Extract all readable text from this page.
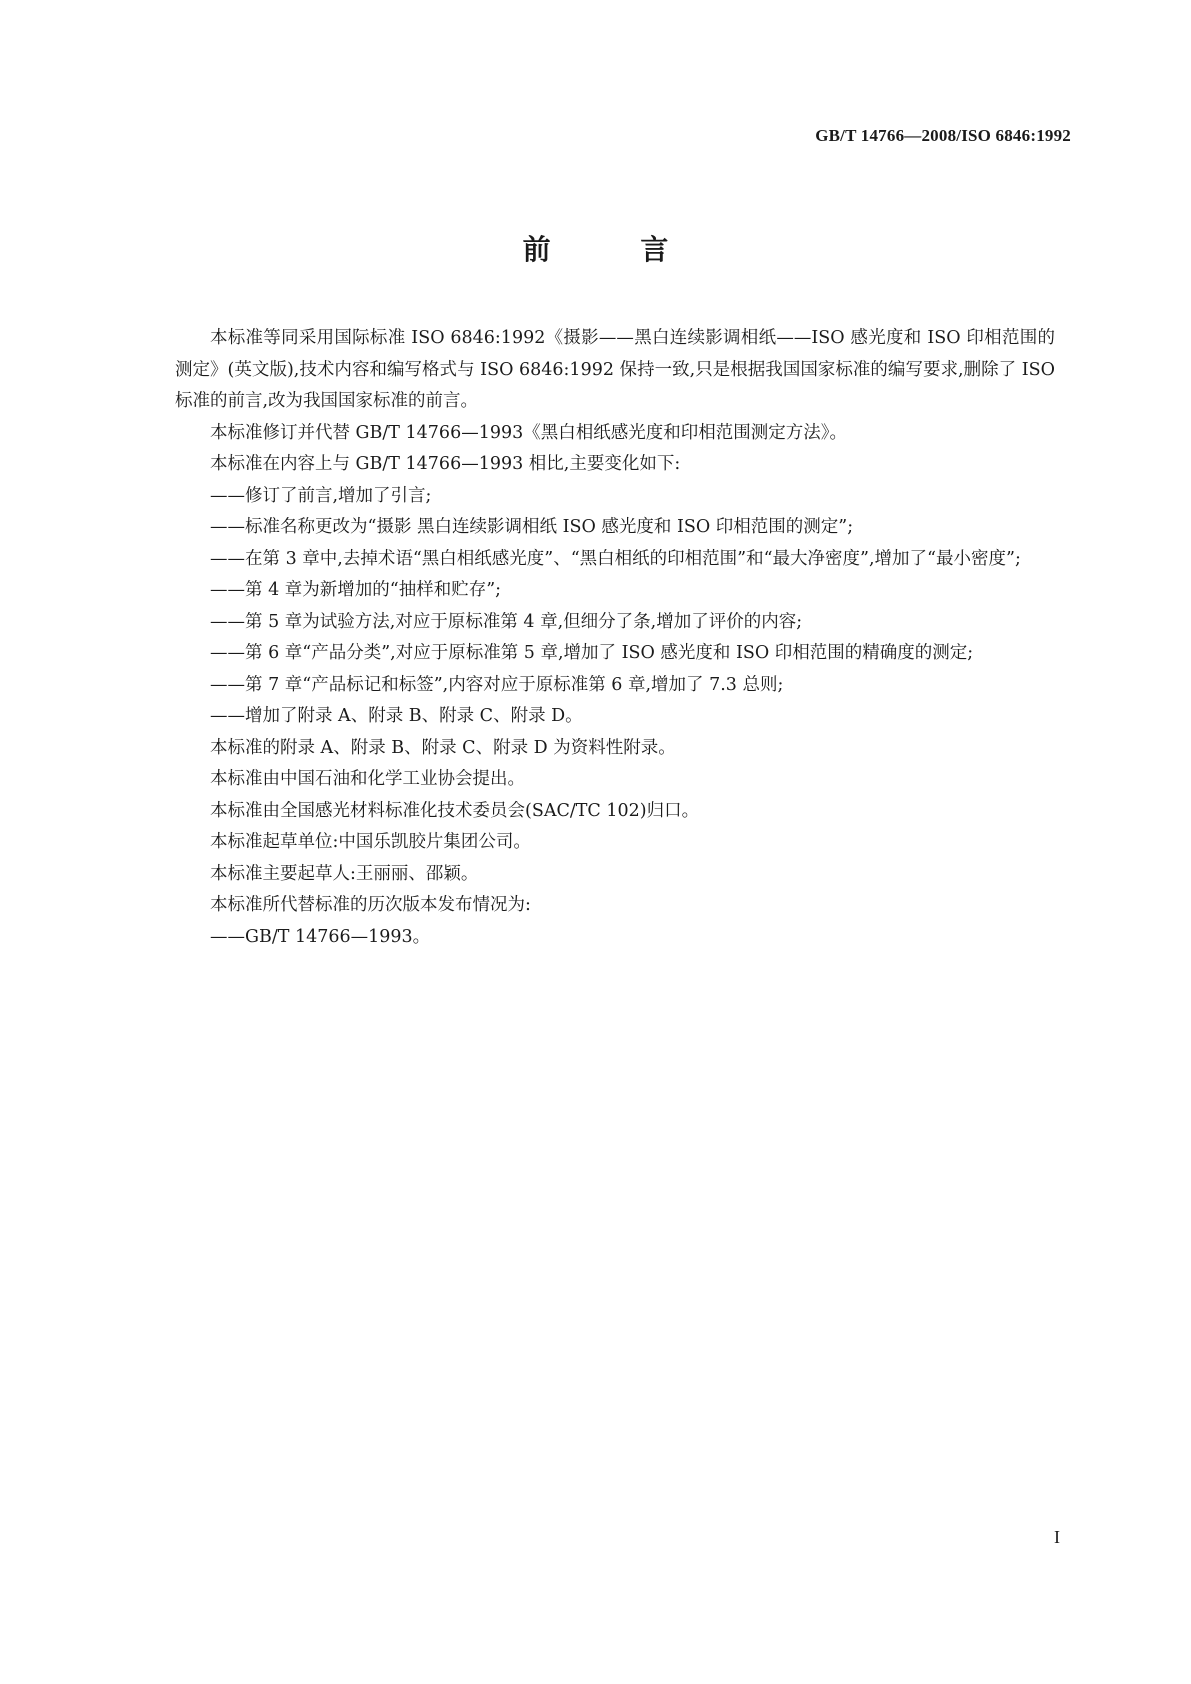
GB/T 14766—2008/ISO 6846:1992
前 言

本标准等同采用国际标准 ISO 6846:1992《摄影——黑白连续影调相纸——ISO 感光度和 ISO 印相范围的测定》(英文版),技术内容和编写格式与 ISO 6846:1992 保持一致,只是根据我国国家标准的编写要求,删除了 ISO 标准的前言,改为我国国家标准的前言。

本标准修订并代替 GB/T 14766—1993《黑白相纸感光度和印相范围测定方法》。

本标准在内容上与 GB/T 14766—1993 相比,主要变化如下:

——修订了前言,增加了引言;

——标准名称更改为“摄影 黑白连续影调相纸 ISO 感光度和 ISO 印相范围的测定”;

——在第 3 章中,去掉术语“黑白相纸感光度”、“黑白相纸的印相范围”和“最大净密度”,增加了“最小密度”;

——第 4 章为新增加的“抽样和贮存”;

——第 5 章为试验方法,对应于原标准第 4 章,但细分了条,增加了评价的内容;

——第 6 章“产品分类”,对应于原标准第 5 章,增加了 ISO 感光度和 ISO 印相范围的精确度的测定;

——第 7 章“产品标记和标签”,内容对应于原标准第 6 章,增加了 7.3 总则;

——增加了附录 A、附录 B、附录 C、附录 D。

本标准的附录 A、附录 B、附录 C、附录 D 为资料性附录。

本标准由中国石油和化学工业协会提出。

本标准由全国感光材料标准化技术委员会(SAC/TC 102)归口。

本标准起草单位:中国乐凯胶片集团公司。

本标准主要起草人:王丽丽、邵颖。

本标准所代替标准的历次版本发布情况为:

——GB/T 14766—1993。

I
